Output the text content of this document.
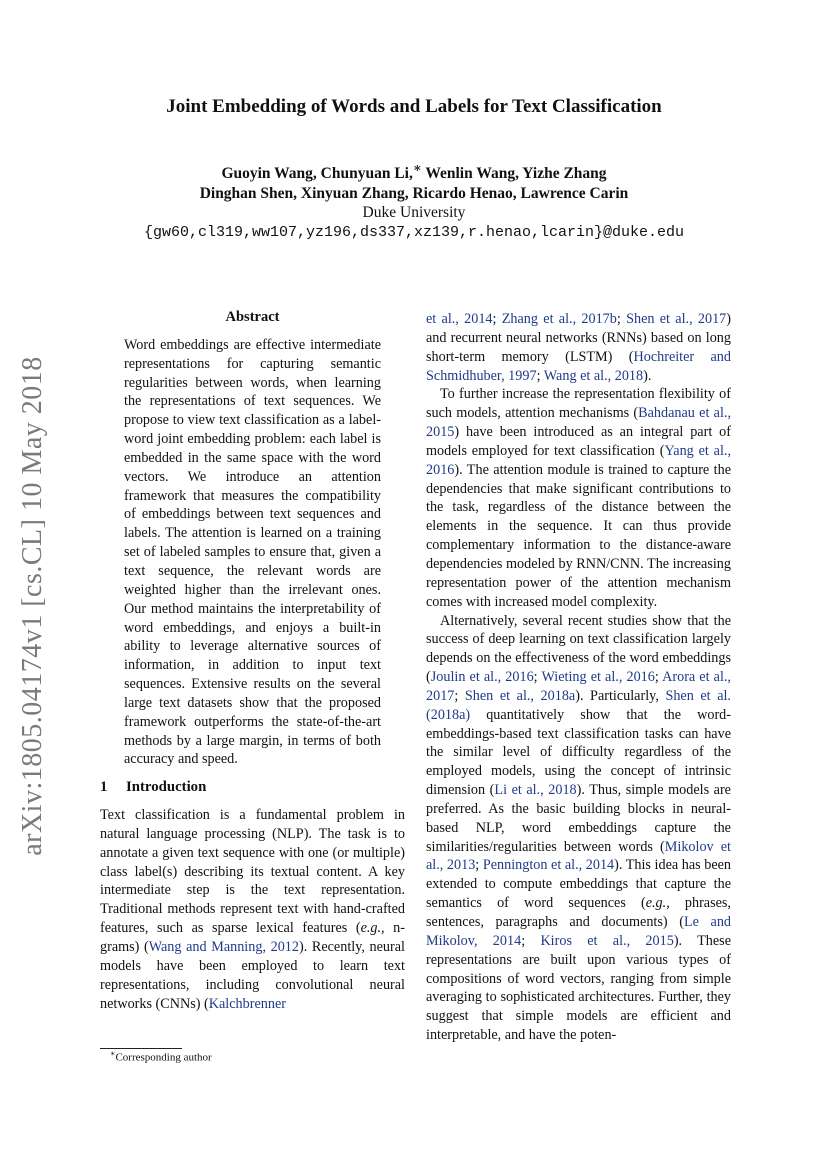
arXiv:1805.04174v1 [cs.CL] 10 May 2018
Joint Embedding of Words and Labels for Text Classification
Guoyin Wang, Chunyuan Li,∗ Wenlin Wang, Yizhe Zhang
Dinghan Shen, Xinyuan Zhang, Ricardo Henao, Lawrence Carin
Duke University
{gw60,cl319,ww107,yz196,ds337,xz139,r.henao,lcarin}@duke.edu
Abstract

Word embeddings are effective intermediate representations for capturing semantic regularities between words, when learning the representations of text sequences. We propose to view text classification as a label-word joint embedding problem: each label is embedded in the same space with the word vectors. We introduce an attention framework that measures the compatibility of embeddings between text sequences and labels. The attention is learned on a training set of labeled samples to ensure that, given a text sequence, the relevant words are weighted higher than the irrelevant ones. Our method maintains the interpretability of word embeddings, and enjoys a built-in ability to leverage alternative sources of information, in addition to input text sequences. Extensive results on the several large text datasets show that the proposed framework outperforms the state-of-the-art methods by a large margin, in terms of both accuracy and speed.

1 Introduction

Text classification is a fundamental problem in natural language processing (NLP). The task is to annotate a given text sequence with one (or multiple) class label(s) describing its textual content. A key intermediate step is the text representation. Traditional methods represent text with hand-crafted features, such as sparse lexical features (e.g., n-grams) (Wang and Manning, 2012). Recently, neural models have been employed to learn text representations, including convolutional neural networks (CNNs) (Kalchbrenner

et al., 2014; Zhang et al., 2017b; Shen et al., 2017) and recurrent neural networks (RNNs) based on long short-term memory (LSTM) (Hochreiter and Schmidhuber, 1997; Wang et al., 2018).

To further increase the representation flexibility of such models, attention mechanisms (Bahdanau et al., 2015) have been introduced as an integral part of models employed for text classification (Yang et al., 2016). The attention module is trained to capture the dependencies that make significant contributions to the task, regardless of the distance between the elements in the sequence. It can thus provide complementary information to the distance-aware dependencies modeled by RNN/CNN. The increasing representation power of the attention mechanism comes with increased model complexity.

Alternatively, several recent studies show that the success of deep learning on text classification largely depends on the effectiveness of the word embeddings (Joulin et al., 2016; Wieting et al., 2016; Arora et al., 2017; Shen et al., 2018a). Particularly, Shen et al. (2018a) quantitatively show that the word-embeddings-based text classification tasks can have the similar level of difficulty regardless of the employed models, using the concept of intrinsic dimension (Li et al., 2018). Thus, simple models are preferred. As the basic building blocks in neural-based NLP, word embeddings capture the similarities/regularities between words (Mikolov et al., 2013; Pennington et al., 2014). This idea has been extended to compute embeddings that capture the semantics of word sequences (e.g., phrases, sentences, paragraphs and documents) (Le and Mikolov, 2014; Kiros et al., 2015). These representations are built upon various types of compositions of word vectors, ranging from simple averaging to sophisticated architectures. Further, they suggest that simple models are efficient and interpretable, and have the poten-

∗Corresponding author
